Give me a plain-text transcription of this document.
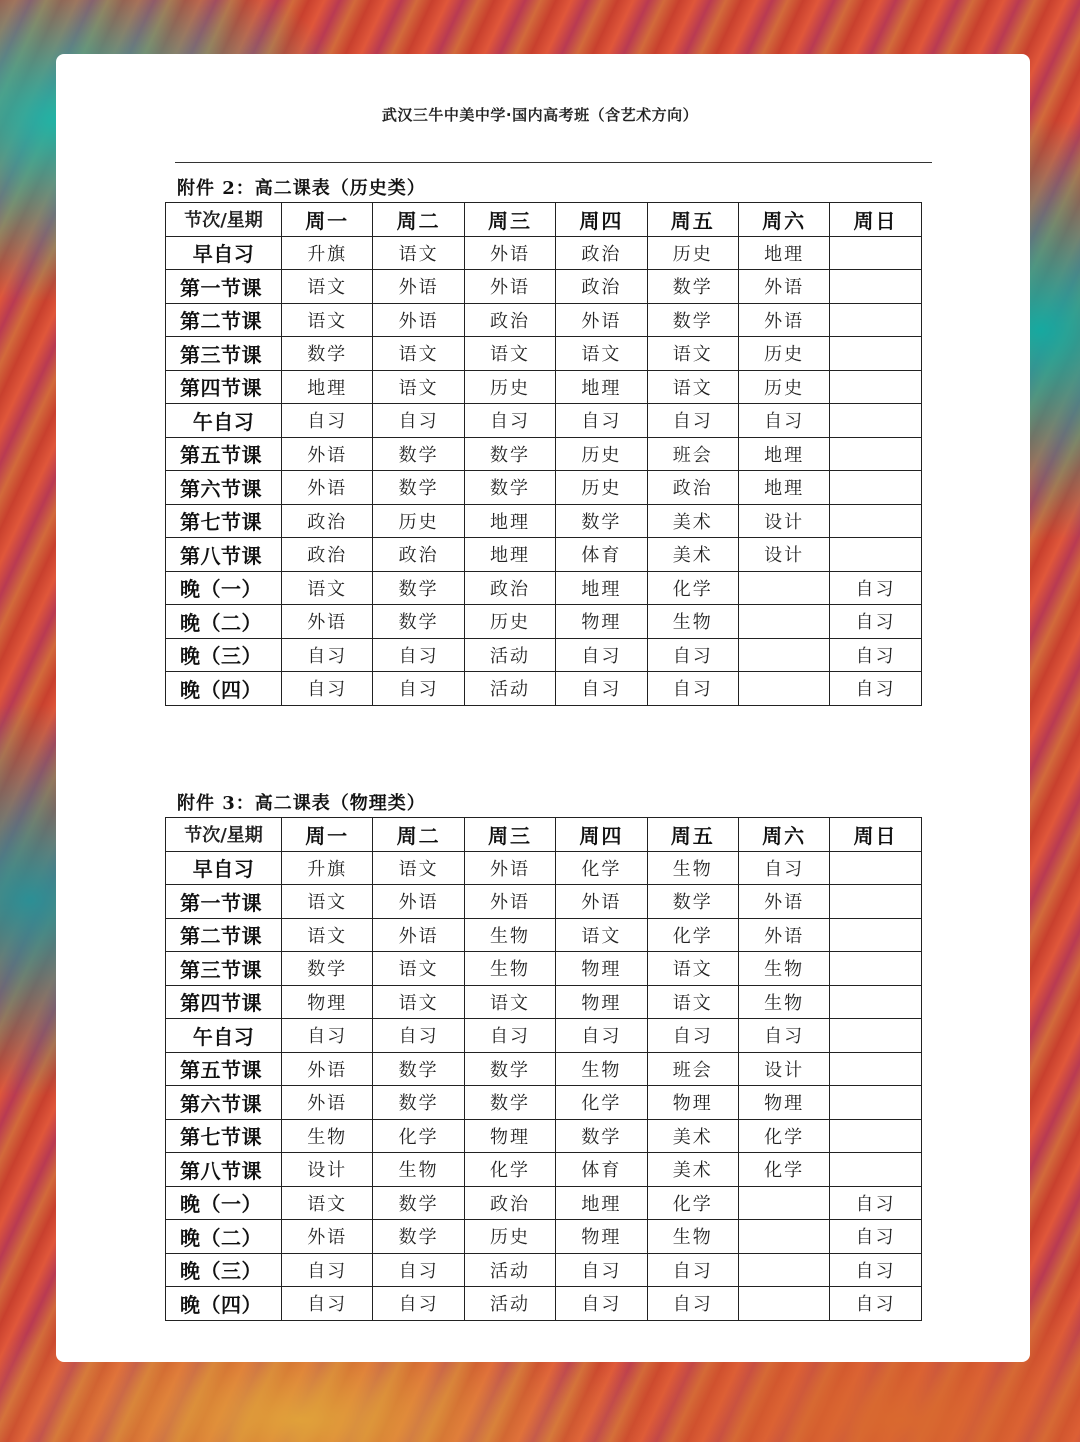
武汉三牛中美中学·国内高考班（含艺术方向）
附件 2：高二课表（历史类）
节次/星期	周一	周二	周三	周四	周五	周六	周日
早自习	升旗	语文	外语	政治	历史	地理	
第一节课	语文	外语	外语	政治	数学	外语	
第二节课	语文	外语	政治	外语	数学	外语	
第三节课	数学	语文	语文	语文	语文	历史	
第四节课	地理	语文	历史	地理	语文	历史	
午自习	自习	自习	自习	自习	自习	自习	
第五节课	外语	数学	数学	历史	班会	地理	
第六节课	外语	数学	数学	历史	政治	地理	
第七节课	政治	历史	地理	数学	美术	设计	
第八节课	政治	政治	地理	体育	美术	设计	
晚（一）	语文	数学	政治	地理	化学		自习
晚（二）	外语	数学	历史	物理	生物		自习
晚（三）	自习	自习	活动	自习	自习		自习
晚（四）	自习	自习	活动	自习	自习		自习
附件 3：高二课表（物理类）
节次/星期	周一	周二	周三	周四	周五	周六	周日
早自习	升旗	语文	外语	化学	生物	自习	
第一节课	语文	外语	外语	外语	数学	外语	
第二节课	语文	外语	生物	语文	化学	外语	
第三节课	数学	语文	生物	物理	语文	生物	
第四节课	物理	语文	语文	物理	语文	生物	
午自习	自习	自习	自习	自习	自习	自习	
第五节课	外语	数学	数学	生物	班会	设计	
第六节课	外语	数学	数学	化学	物理	物理	
第七节课	生物	化学	物理	数学	美术	化学	
第八节课	设计	生物	化学	体育	美术	化学	
晚（一）	语文	数学	政治	地理	化学		自习
晚（二）	外语	数学	历史	物理	生物		自习
晚（三）	自习	自习	活动	自习	自习		自习
晚（四）	自习	自习	活动	自习	自习		自习
